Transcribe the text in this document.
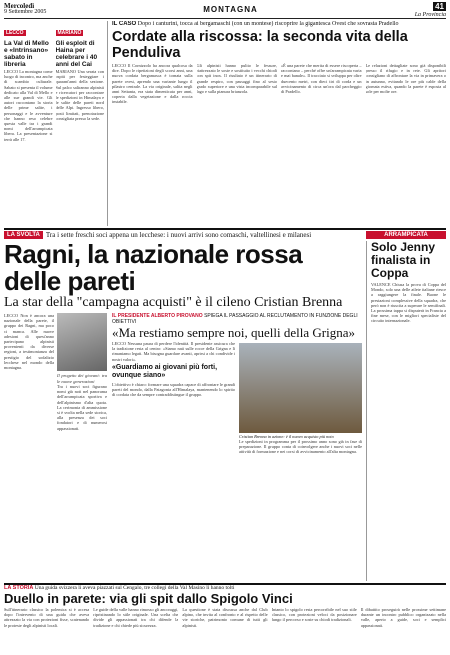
Mercoledì
9 Settembre 2005	MONTAGNA	41
La Provincia
LECCO
La Val di Mello e «Intrinsano» sabato in libreria
LECCO La montagna come luogo di incontro, ma anche di scambio culturale. Sabato si presenta il volume dedicato alla Val di Mello e alle sue grandi vie. Gli autori raccontano la storia delle prime salite, i personaggi e le avventure che hanno reso celebre questa valle tra i grandi nomi dell'arrampicata libera. La presentazione si terrà alle 17.
MARIANO
Gli esploit di Haina per celebrare i 40 anni del Cai
MARIANO Una serata con ospiti per festeggiare i quarant'anni della sezione. Sul palco saliranno alpinisti e ricercatori per raccontare le spedizioni in Himalaya e le salite delle pareti nord delle Alpi. Ingresso libero, posti limitati, prenotazione consigliata presso la sede.
IL CASO Dopo i canturini, tocca ai bergamaschi (con un montese) riscoprire la gigantesca Ovest che sovrasta Pradello
Cordate alla riscossa: la seconda vita della Penduliva
LECCO Il Cornizzolo ha ancora qualcosa da dire. Dopo le ripetizioni degli scorsi anni, una nuova cordata bergamasca è tornata sulla parete ovest, aprendo una variante lungo il pilastro centrale. La via originale, salita negli anni Settanta, era stata dimenticata per anni, coperta dalla vegetazione e dalla roccia instabile.
Gli alpinisti hanno pulito le fessure, riattrezzato le soste e sostituito i vecchi chiodi con spit inox. Il risultato è un itinerario di grande respiro, con passaggi fino al sesto grado superiore e una vista incomparabile sul lago e sulla pianura brianzola.
«È una parete che merita di essere riscoperta – raccontano – perché offre un'arrampicata varia e mai banale». Il tracciato si sviluppa per oltre duecento metri, con dieci tiri di corda e un avvicinamento di circa un'ora dal parcheggio di Pradello.
Le relazioni dettagliate sono già disponibili presso il rifugio e in rete. Gli apritori consigliano di affrontare la via in primavera o in autunno, evitando le ore più calde della giornata estiva, quando la parete è esposta al sole per molte ore.
LA SVOLTA Tra i sette freschi soci appena un lecchese: i nuovi arrivi sono comaschi, valtellinesi e milanesi	ARRAMPICATA
Ragni, la nazionale rossa delle pareti
La star della "campagna acquisti" è il cileno Cristian Brenna
LECCO Non è ancora una nazionale della parete, il gruppo dei Ragni, ma poco ci manca. Alle nuove adesioni di quest'anno partecipano alpinisti provenienti da diverse regioni, a testimonianza del prestigio del sodalizio lecchese nel mondo della montagna.
Il progetto dei giovani: tra le nuove generazioni
Tra i nuovi soci figurano nomi già noti nel panorama dell'arrampicata sportiva e dell'alpinismo d'alta quota. La cerimonia di ammissione si è svolta nella sede storica, alla presenza dei soci fondatori e di numerosi appassionati.
IL PRESIDENTE ALBERTO PIROVANO SPIEGA IL PASSAGGIO AL RECLUTAMENTO IN FUNZIONE DEGLI OBIETTIVI
«Ma restiamo sempre noi, quelli della Grigna»
LECCO Nessuna paura di perdere l'identità. Il presidente assicura che la tradizione resta al centro: «Siamo nati sulle rocce della Grigna e lì rimaniamo legati. Ma bisogna guardare avanti, aprirsi a chi condivide i nostri valori».
«Guardiamo ai giovani più forti, ovunque siano»
L'obiettivo è chiaro: formare una squadra capace di affrontare le grandi pareti del mondo, dalla Patagonia all'Himalaya, mantenendo lo spirito di cordata che da sempre contraddistingue il gruppo.
Cristian Brenna in azione: è il nuovo acquisto più noto
Le spedizioni in programma per il prossimo anno sono già in fase di preparazione. Il gruppo conta di coinvolgere anche i nuovi soci nelle attività di formazione e nei corsi di avvicinamento all'alta montagna.
Solo Jenny finalista in Coppa
VALENCE Chiusa la prova di Coppa del Mondo, solo una delle atlete italiane riesce a raggiungere la finale. Buone le prestazioni complessive della squadra, che però non è riuscita a superare le semifinali. La prossima tappa si disputerà in Francia a fine mese, con le migliori specialiste del circuito internazionale.
LA STORIA Una guida svizzera li aveva piazzati sul Cengalo, tre collegi della Val Masino li hanno tolti
Duello in parete: via gli spit dallo Spigolo Vinci
Sull'itinerario classico la polemica si è accesa dopo l'intervento di una guida che aveva attrezzato la via con protezioni fisse, scatenando le proteste degli alpinisti locali.
Le guide della valle hanno rimosso gli ancoraggi, ripristinando lo stile originale. Una scelta che divide gli appassionati tra chi difende la tradizione e chi chiede più sicurezza.
La questione è stata discussa anche dal Club alpino, che invita al confronto e al rispetto delle vie storiche, patrimonio comune di tutti gli alpinisti.
Intanto lo spigolo resta percorribile nel suo stile classico, con protezioni veloci da posizionare lungo il percorso e soste su chiodi tradizionali.
Il dibattito proseguirà nelle prossime settimane durante un incontro pubblico organizzato nella valle, aperto a guide, soci e semplici appassionati.
